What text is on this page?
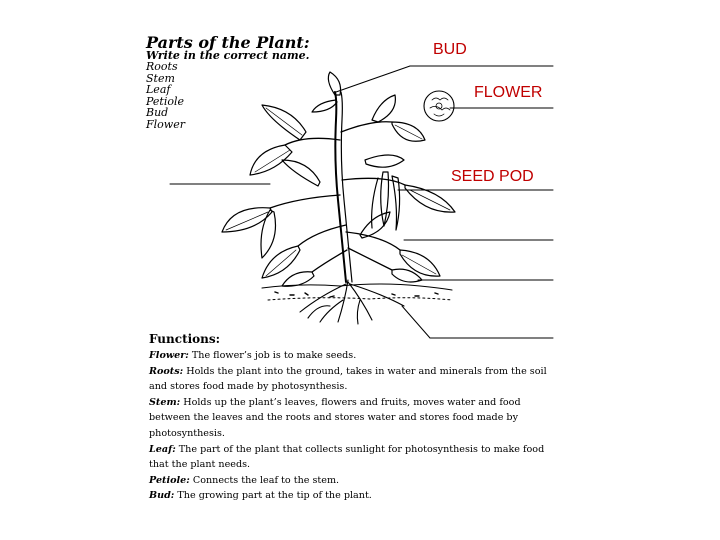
Parts of the Plant:
Write in the correct name.
Roots
Stem
Leaf
Petiole
Bud
Flower
BUD
FLOWER
SEED POD
Functions:
Flower: The flower’s job is to make seeds.
Roots: Holds the plant into the ground, takes in water and minerals from the soil and stores food made by photosynthesis.
Stem: Holds up the plant’s leaves, flowers and fruits, moves water and food between the leaves and the roots and stores water and stores food made by photosynthesis.
Leaf: The part of the plant that collects sunlight for photosynthesis to make food that the plant needs.
Petiole: Connects the leaf to the stem.
Bud: The growing part at the tip of the plant.
